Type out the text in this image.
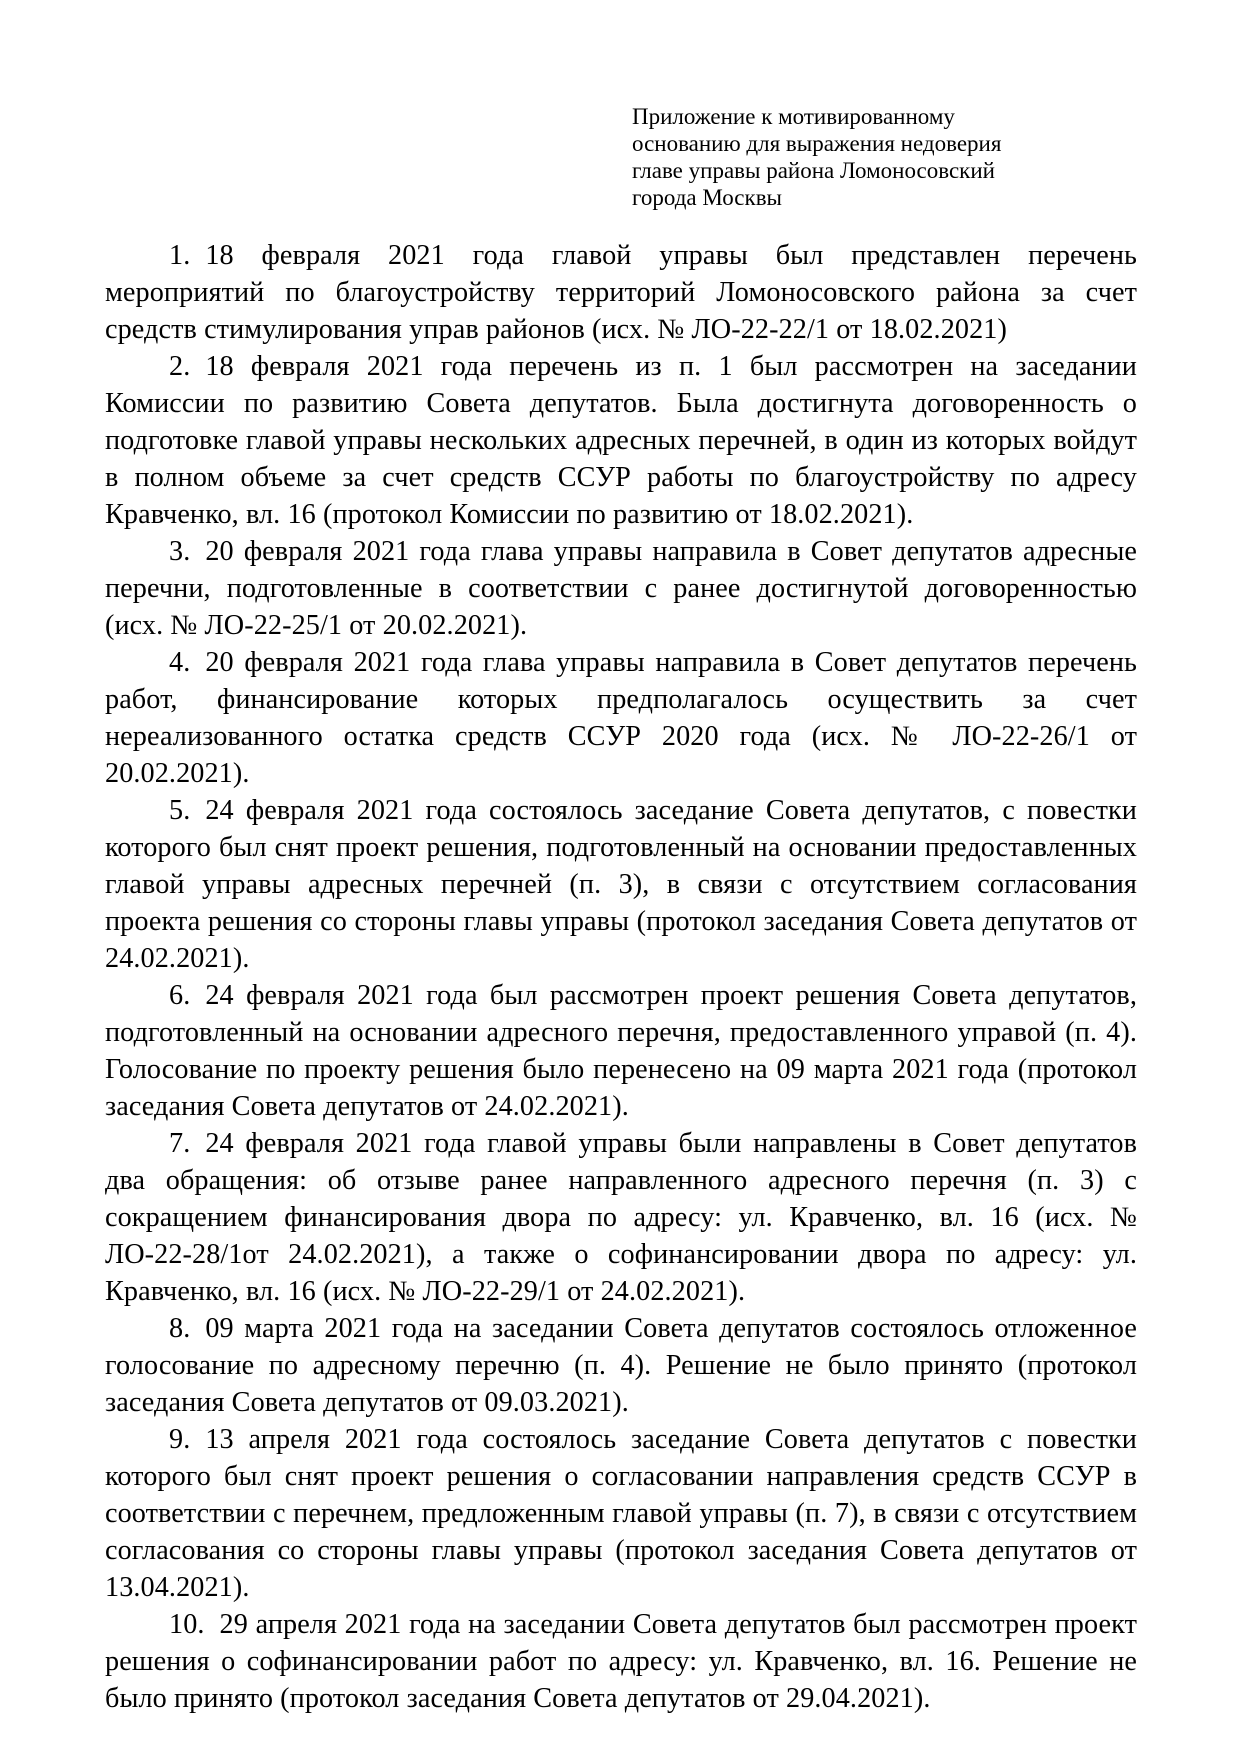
Приложение к мотивированному
основанию для выражения недоверия
главе управы района Ломоносовский
города Москвы

1. 18 февраля 2021 года главой управы был представлен перечень мероприятий по благоустройству территорий Ломоносовского района за счет средств стимулирования управ районов (исх. № ЛО-22-22/1 от 18.02.2021)

2. 18 февраля 2021 года перечень из п. 1 был рассмотрен на заседании Комиссии по развитию Совета депутатов. Была достигнута договоренность о подготовке главой управы нескольких адресных перечней, в один из которых войдут в полном объеме за счет средств ССУР работы по благоустройству по адресу Кравченко, вл. 16 (протокол Комиссии по развитию от 18.02.2021).

3. 20 февраля 2021 года глава управы направила в Совет депутатов адресные перечни, подготовленные в соответствии с ранее достигнутой договоренностью (исх. № ЛО-22-25/1 от 20.02.2021).

4. 20 февраля 2021 года глава управы направила в Совет депутатов перечень работ, финансирование которых предполагалось осуществить за счет нереализованного остатка средств ССУР 2020 года (исх. № ЛО-22-26/1 от 20.02.2021).

5. 24 февраля 2021 года состоялось заседание Совета депутатов, с повестки которого был снят проект решения, подготовленный на основании предоставленных главой управы адресных перечней (п. 3), в связи с отсутствием согласования проекта решения со стороны главы управы (протокол заседания Совета депутатов от 24.02.2021).

6. 24 февраля 2021 года был рассмотрен проект решения Совета депутатов, подготовленный на основании адресного перечня, предоставленного управой (п. 4). Голосование по проекту решения было перенесено на 09 марта 2021 года (протокол заседания Совета депутатов от 24.02.2021).

7. 24 февраля 2021 года главой управы были направлены в Совет депутатов два обращения: об отзыве ранее направленного адресного перечня (п. 3) с сокращением финансирования двора по адресу: ул. Кравченко, вл. 16 (исх. № ЛО-22-28/1от 24.02.2021), а также о софинансировании двора по адресу: ул. Кравченко, вл. 16 (исх. № ЛО-22-29/1 от 24.02.2021).

8. 09 марта 2021 года на заседании Совета депутатов состоялось отложенное голосование по адресному перечню (п. 4). Решение не было принято (протокол заседания Совета депутатов от 09.03.2021).

9. 13 апреля 2021 года состоялось заседание Совета депутатов с повестки которого был снят проект решения о согласовании направления средств ССУР в соответствии с перечнем, предложенным главой управы (п. 7), в связи с отсутствием согласования со стороны главы управы (протокол заседания Совета депутатов от 13.04.2021).

10. 29 апреля 2021 года на заседании Совета депутатов был рассмотрен проект решения о софинансировании работ по адресу: ул. Кравченко, вл. 16. Решение не было принято (протокол заседания Совета депутатов от 29.04.2021).
